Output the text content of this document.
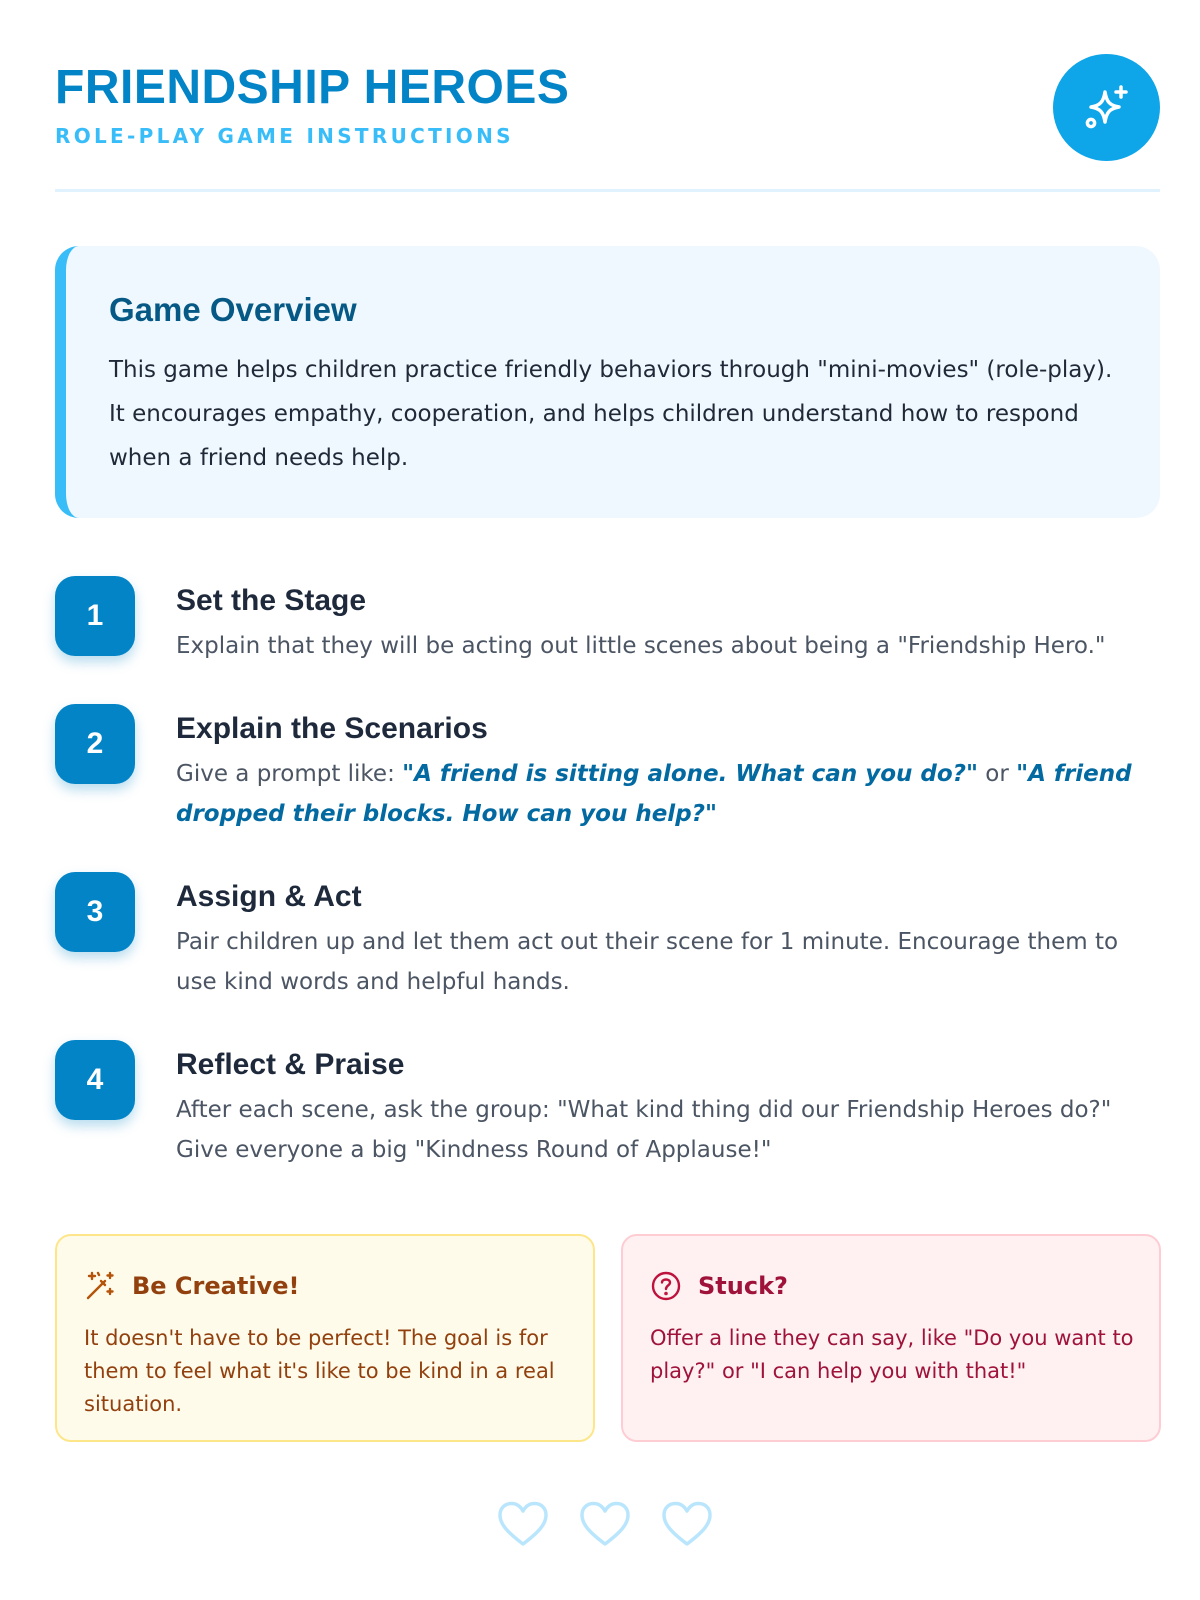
FRIENDSHIP HEROES
ROLE-PLAY GAME INSTRUCTIONS
Game Overview
This game helps children practice friendly behaviors through "mini-movies" (role-play). It encourages empathy, cooperation, and helps children understand how to respond when a friend needs help.
1	Set the Stage
Explain that they will be acting out little scenes about being a "Friendship Hero."
2	Explain the Scenarios
Give a prompt like: "A friend is sitting alone. What can you do?" or "A friend dropped their blocks. How can you help?"
3	Assign & Act
Pair children up and let them act out their scene for 1 minute. Encourage them to use kind words and helpful hands.
4	Reflect & Praise
After each scene, ask the group: "What kind thing did our Friendship Heroes do?" Give everyone a big "Kindness Round of Applause!"
Be Creative!
It doesn't have to be perfect! The goal is for them to feel what it's like to be kind in a real situation.
Stuck?
Offer a line they can say, like "Do you want to play?" or "I can help you with that!"
